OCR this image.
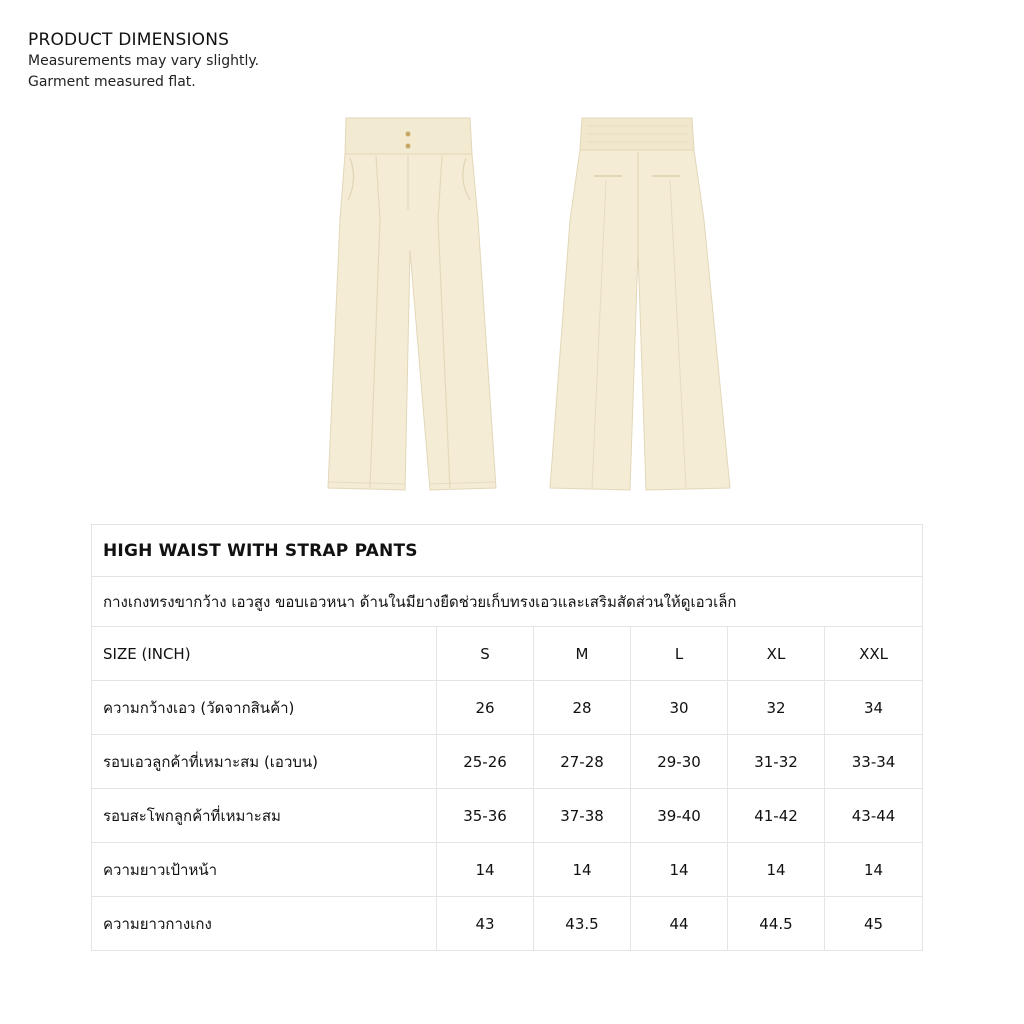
PRODUCT DIMENSIONS
Measurements may vary slightly.
Garment measured flat.
HIGH WAIST WITH STRAP PANTS					
กางเกงทรงขากว้าง เอวสูง ขอบเอวหนา ด้านในมียางยืดช่วยเก็บทรงเอวและเสริมสัดส่วนให้ดูเอวเล็ก					
SIZE (INCH)	S	M	L	XL	XXL
ความกว้างเอว (วัดจากสินค้า)	26	28	30	32	34
รอบเอวลูกค้าที่เหมาะสม (เอวบน)	25-26	27-28	29-30	31-32	33-34
รอบสะโพกลูกค้าที่เหมาะสม	35-36	37-38	39-40	41-42	43-44
ความยาวเป้าหน้า	14	14	14	14	14
ความยาวกางเกง	43	43.5	44	44.5	45
